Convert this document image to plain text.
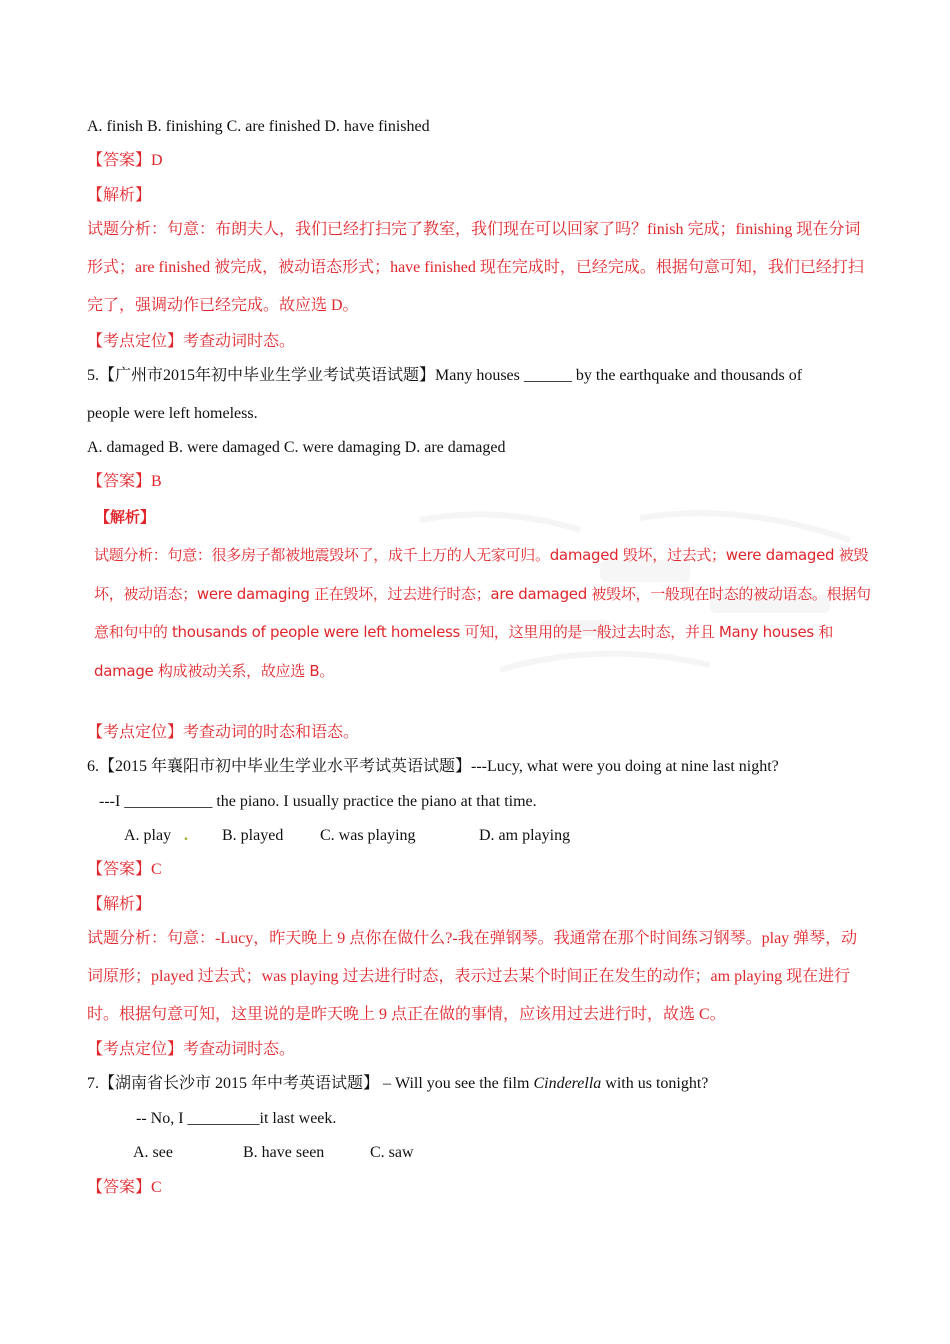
A. finish B. finishing C. are finished D. have finished
【答案】D
【解析】
试题分析：句意：布朗夫人，我们已经打扫完了教室，我们现在可以回家了吗？finish 完成；finishing 现在分词形式；are finished 被完成，被动语态形式；have finished 现在完成时，已经完成。根据句意可知，我们已经打扫完了，强调动作已经完成。故应选 D。
【考点定位】考查动词时态。
5.【广州市2015年初中毕业生学业考试英语试题】Many houses ______ by the earthquake and thousands of
people were left homeless.
A. damaged B. were damaged C. were damaging D. are damaged
【答案】B
【解析】
试题分析：句意：很多房子都被地震毁坏了，成千上万的人无家可归。damaged 毁坏，过去式；were damaged 被毁坏，被动语态；were damaging 正在毁坏，过去进行时态；are damaged 被毁坏，一般现在时态的被动语态。根据句意和句中的 thousands of people were left homeless 可知，这里用的是一般过去时态，并且 Many houses 和 damage 构成被动关系，故应选 B。
【考点定位】考查动词的时态和语态。
6.【2015 年襄阳市初中毕业生学业水平考试英语试题】---Lucy, what were you doing at nine last night?
---I ___________ the piano. I usually practice the piano at that time.
A. play . B. played C. was playing	D. am playing
【答案】C
【解析】
试题分析：句意：-Lucy，昨天晚上 9 点你在做什么?-我在弹钢琴。我通常在那个时间练习钢琴。play 弹琴，动词原形；played 过去式；was playing 过去进行时态，表示过去某个时间正在发生的动作；am playing 现在进行时。根据句意可知，这里说的是昨天晚上 9 点正在做的事情，应该用过去进行时，故选 C。
【考点定位】考查动词时态。
7.【湖南省长沙市 2015 年中考英语试题】 – Will you see the film Cinderella with us tonight?
-- No, I _________it last week.
A. see	B. have seen	C. saw
【答案】C
